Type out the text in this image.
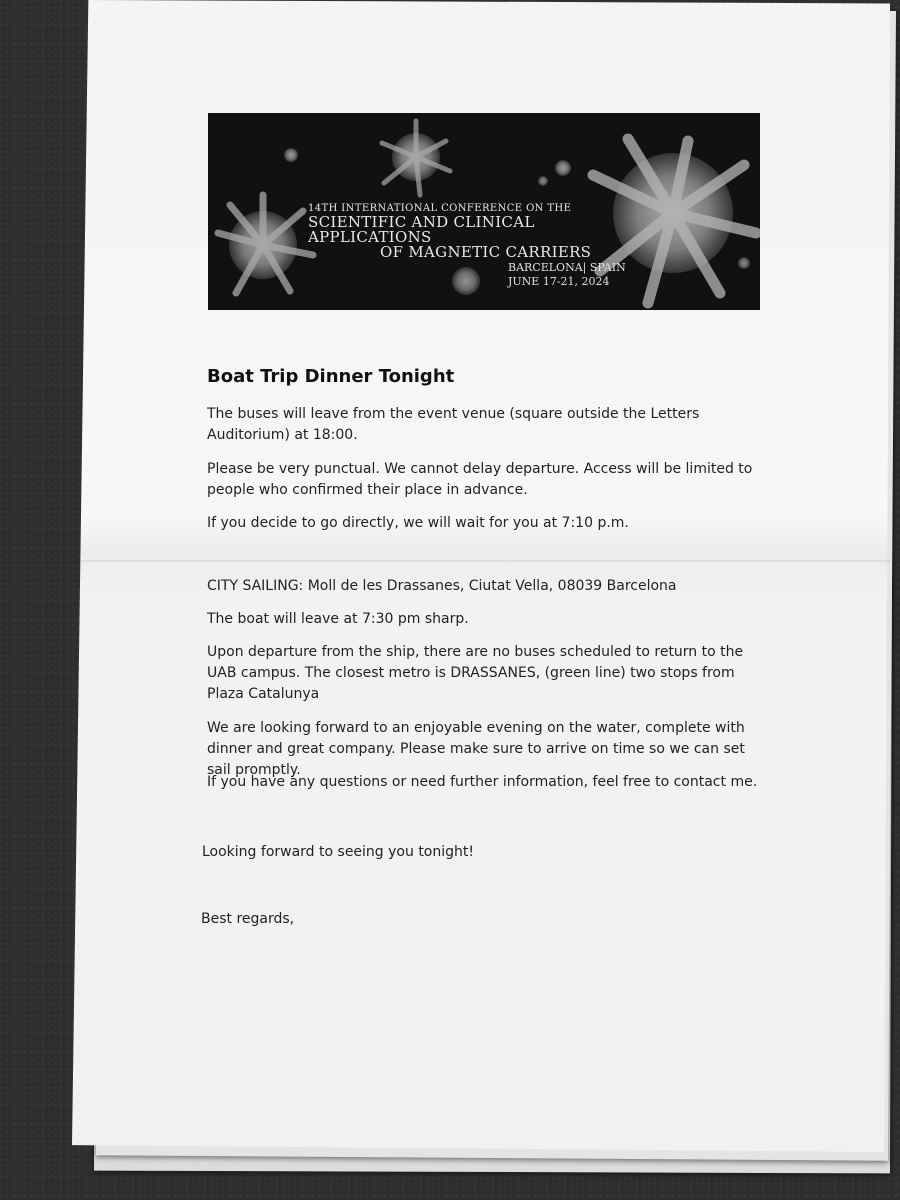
14TH INTERNATIONAL CONFERENCE ON THE
SCIENTIFIC AND CLINICAL APPLICATIONS
OF MAGNETIC CARRIERS
BARCELONA| SPAIN
JUNE 17-21, 2024

Boat Trip Dinner Tonight

The buses will leave from the event venue (square outside the Letters Auditorium) at 18:00.

Please be very punctual. We cannot delay departure. Access will be limited to people who confirmed their place in advance.

If you decide to go directly, we will wait for you at 7:10 p.m.

CITY SAILING: Moll de les Drassanes, Ciutat Vella, 08039 Barcelona

The boat will leave at 7:30 pm sharp.

Upon departure from the ship, there are no buses scheduled to return to the UAB campus. The closest metro is DRASSANES, (green line) two stops from Plaza Catalunya

We are looking forward to an enjoyable evening on the water, complete with dinner and great company. Please make sure to arrive on time so we can set sail promptly.

If you have any questions or need further information, feel free to contact me.

Looking forward to seeing you tonight!

Best regards,
